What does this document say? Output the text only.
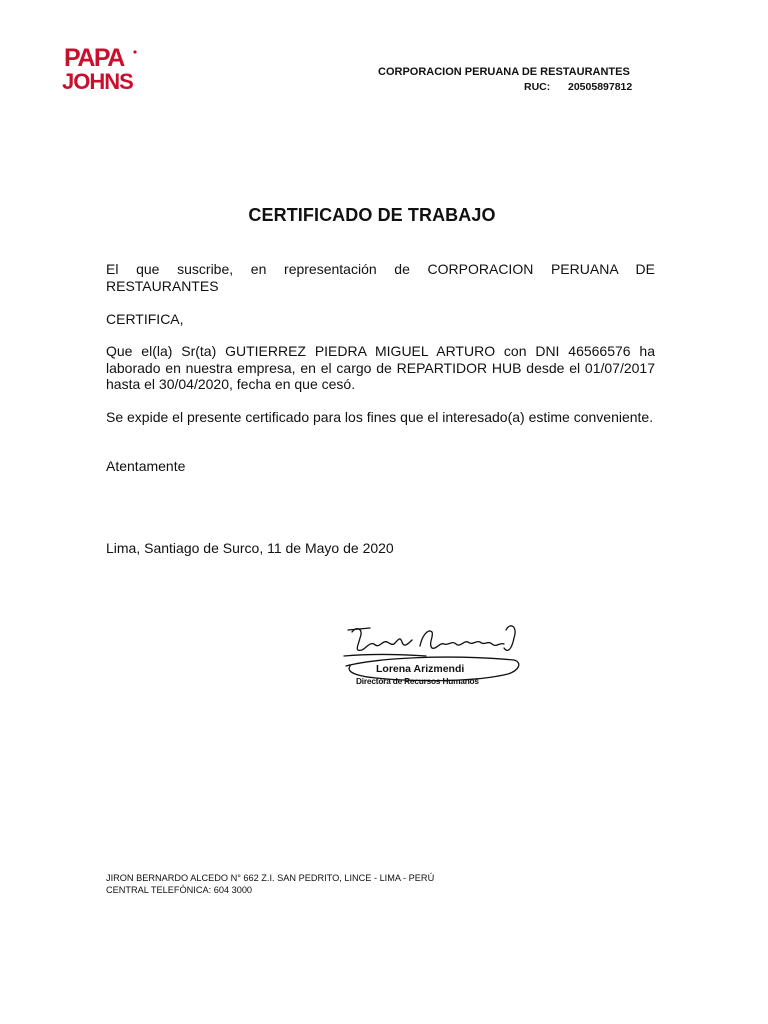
PAPA
JOHNS	CORPORACION PERUANA DE RESTAURANTES
RUC: 20505897812
CERTIFICADO DE TRABAJO
El que suscribe, en representación de CORPORACION PERUANA DE RESTAURANTES
CERTIFICA,
Que el(la) Sr(ta) GUTIERREZ PIEDRA MIGUEL ARTURO con DNI 46566576 ha laborado en nuestra empresa, en el cargo de REPARTIDOR HUB desde el 01/07/2017 hasta el 30/04/2020, fecha en que cesó.
Se expide el presente certificado para los fines que el interesado(a) estime conveniente.
Atentamente
Lima, Santiago de Surco, 11 de Mayo de 2020
Lorena Arizmendi
Directora de Recursos Humanos
JIRON BERNARDO ALCEDO N° 662 Z.I. SAN PEDRITO, LINCE - LIMA - PERÚ
CENTRAL TELEFÓNICA: 604 3000
